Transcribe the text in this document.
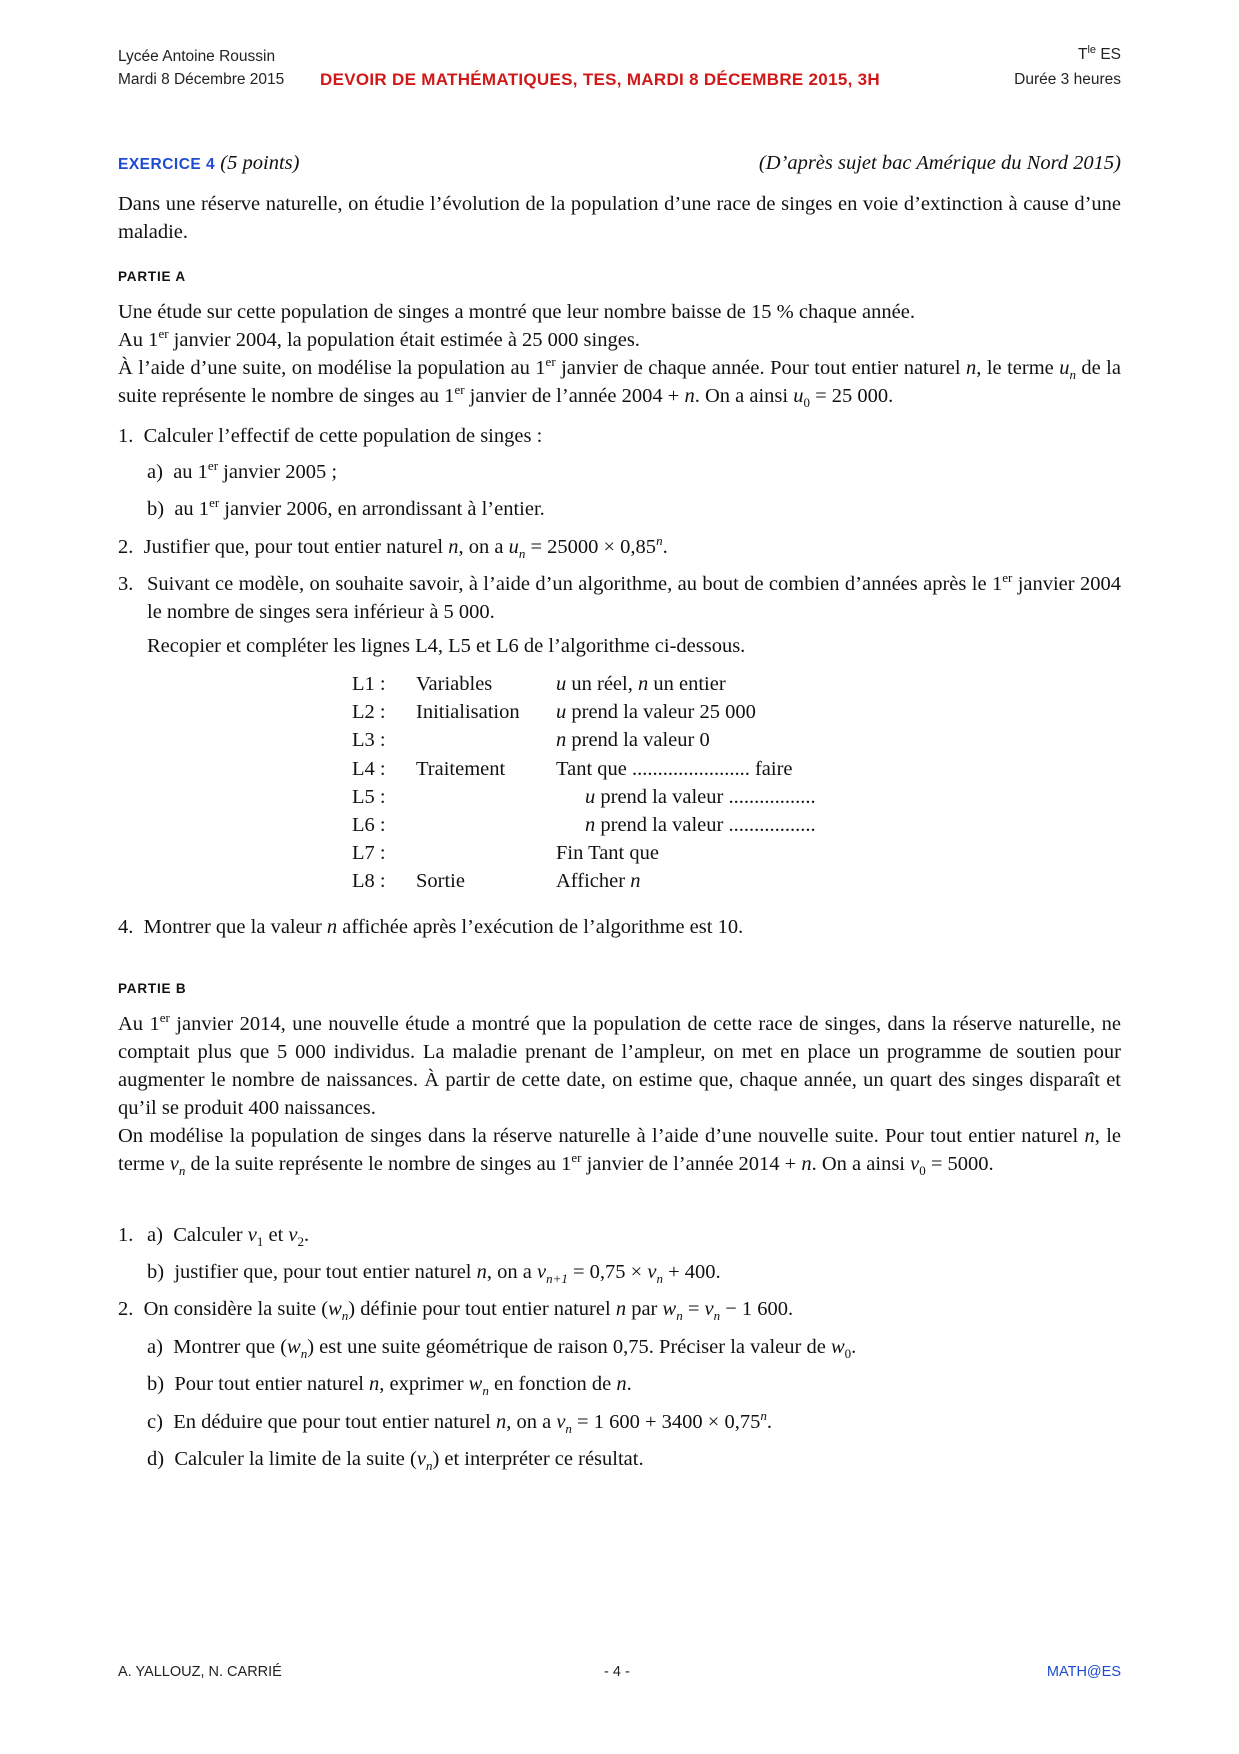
Lycée Antoine Roussin
Mardi 8 Décembre 2015 DEVOIR DE MATHÉMATIQUES, TES, MARDI 8 DÉCEMBRE 2015, 3H
$T^{le}$ ES
Durée 3 heures
EXERCICE 4 (5 points)	(D’après sujet bac Amérique du Nord 2015)
Dans une réserve naturelle, on étudie l’évolution de la population d’une race de singes en voie d’extinction à cause d’une maladie.
PARTIE A
Une étude sur cette population de singes a montré que leur nombre baisse de 15 % chaque année.
Au 1er janvier 2004, la population était estimée à 25 000 singes.
À l’aide d’une suite, on modélise la population au 1er janvier de chaque année. Pour tout entier naturel n, le terme $u_n$ de la suite représente le nombre de singes au 1er janvier de l’année 2004 + n. On a ainsi $u_0 = 25$ 000.
1. Calculer l’effectif de cette population de singes :
a) au 1er janvier 2005 ;
b) au 1er janvier 2006, en arrondissant à l’entier.
2. Justifier que, pour tout entier naturel n, on a $u_n = 25000 \times 0,85^n$.
3. Suivant ce modèle, on souhaite savoir, à l’aide d’un algorithme, au bout de combien d’années après le 1er janvier 2004 le nombre de singes sera inférieur à 5 000.
Recopier et compléter les lignes L4, L5 et L6 de l’algorithme ci-dessous.
L1 : Variables	u un réel, n un entier
L2 : Initialisation u prend la valeur 25 000
L3 :	n prend la valeur 0
L4 : Traitement Tant que ....................... faire
L5 :	u prend la valeur .................
L6 :	n prend la valeur .................
L7 :	Fin Tant que
L8 : Sortie	Afficher n
4. Montrer que la valeur n affichée après l’exécution de l’algorithme est 10.
PARTIE B
Au 1er janvier 2014, une nouvelle étude a montré que la population de cette race de singes, dans la réserve naturelle, ne comptait plus que 5 000 individus. La maladie prenant de l’ampleur, on met en place un programme de soutien pour augmenter le nombre de naissances. À partir de cette date, on estime que, chaque année, un quart des singes disparaît et qu’il se produit 400 naissances.
On modélise la population de singes dans la réserve naturelle à l’aide d’une nouvelle suite. Pour tout entier naturel n, le terme $v_n$ de la suite représente le nombre de singes au 1er janvier de l’année 2014 + n. On a ainsi $v_0 = 5000$.
1. a) Calculer $v_1$ et $v_2$.
b) justifier que, pour tout entier naturel n, on a $v_{n+1} = 0,75 \times v_n + 400$.
2. On considère la suite $(w_n)$ définie pour tout entier naturel n par $w_n = v_n - 1$ 600.
a) Montrer que $(w_n)$ est une suite géométrique de raison 0,75. Préciser la valeur de $w_0$.
b) Pour tout entier naturel n, exprimer $w_n$ en fonction de n.
c) En déduire que pour tout entier naturel n, on a $v_n = 1$ $600 + 3400 \times 0,75^n$.
d) Calculer la limite de la suite $(v_n)$ et interpréter ce résultat.
A. YALLOUZ, N. CARRIÉ	- 4 -	MATH@ES
